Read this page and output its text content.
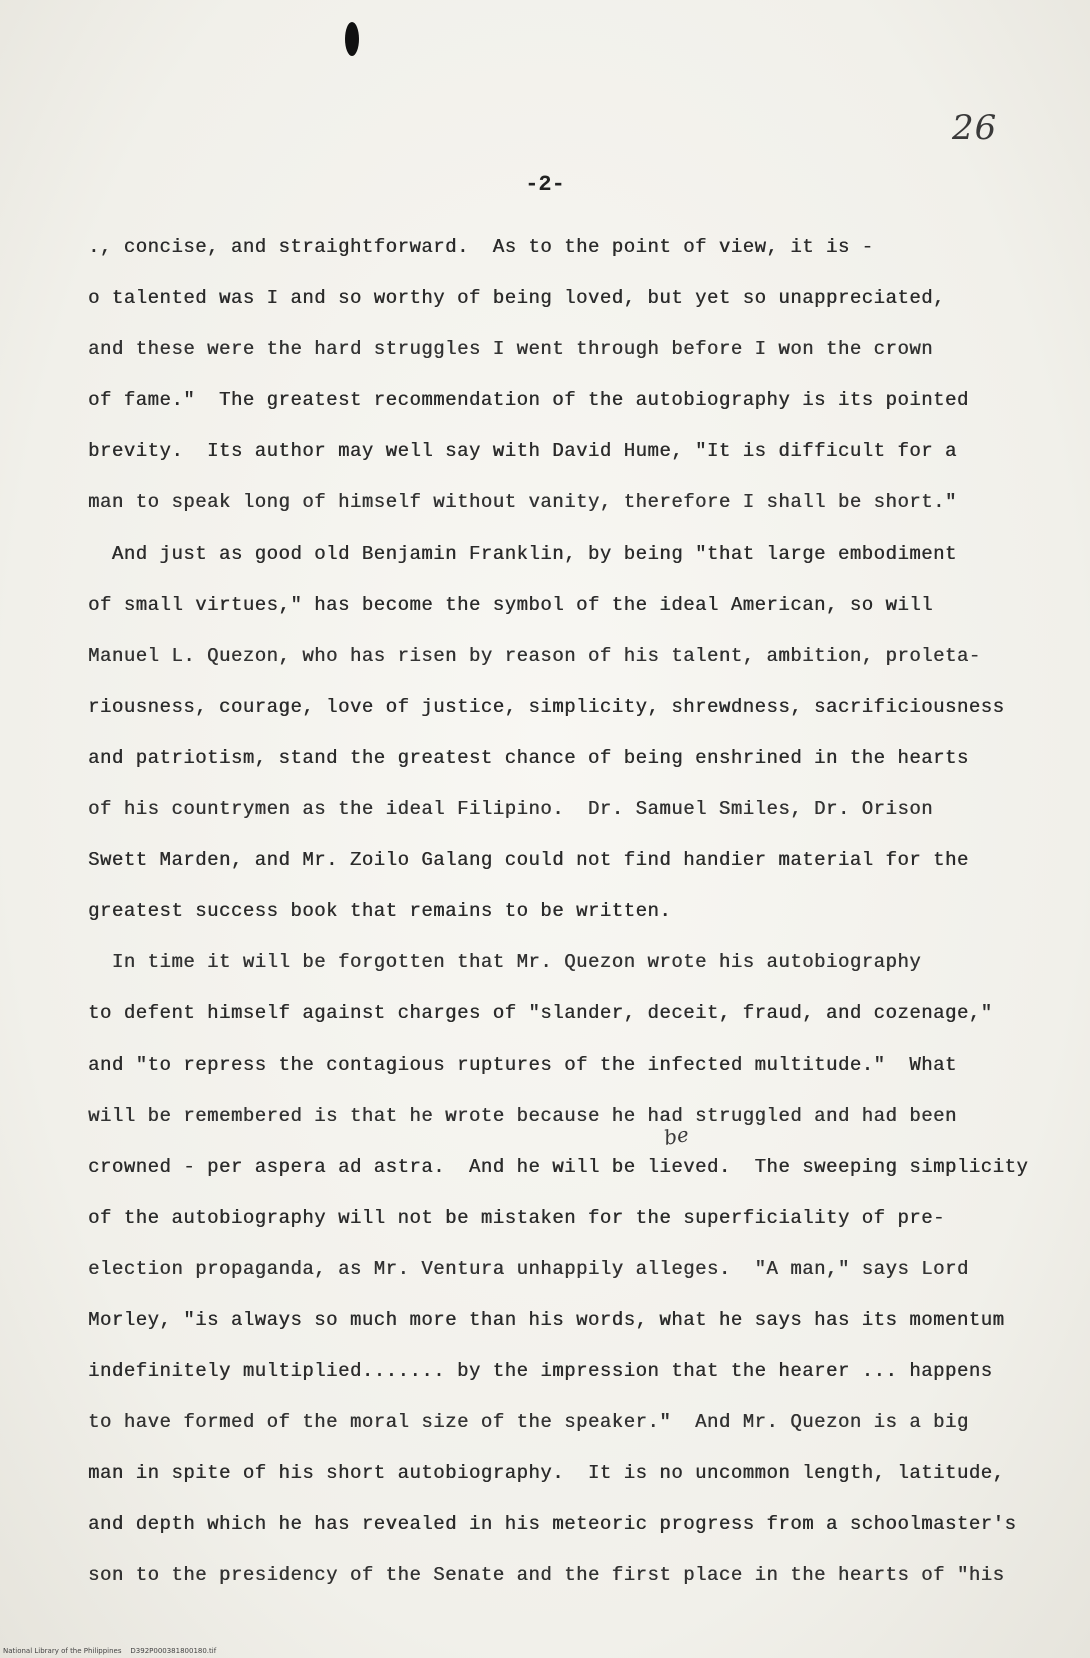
26
-2-
., concise, and straightforward.  As to the point of view, it is -
o talented was I and so worthy of being loved, but yet so unappreciated,
and these were the hard struggles I went through before I won the crown
of fame."  The greatest recommendation of the autobiography is its pointed
brevity.  Its author may well say with David Hume, "It is difficult for a
man to speak long of himself without vanity, therefore I shall be short."
And just as good old Benjamin Franklin, by being "that large embodiment
of small virtues," has become the symbol of the ideal American, so will
Manuel L. Quezon, who has risen by reason of his talent, ambition, proleta-
riousness, courage, love of justice, simplicity, shrewdness, sacrificiousness
and patriotism, stand the greatest chance of being enshrined in the hearts
of his countrymen as the ideal Filipino.  Dr. Samuel Smiles, Dr. Orison
Swett Marden, and Mr. Zoilo Galang could not find handier material for the
greatest success book that remains to be written.
In time it will be forgotten that Mr. Quezon wrote his autobiography
to defent himself against charges of "slander, deceit, fraud, and cozenage,"
and "to repress the contagious ruptures of the infected multitude."  What
will be remembered is that he wrote because he had struggled and had been
crowned - per aspera ad astra.  And he will be lieved.  The sweeping simplicity
of the autobiography will not be mistaken for the superficiality of pre-
election propaganda, as Mr. Ventura unhappily alleges.  "A man," says Lord
Morley, "is always so much more than his words, what he says has its momentum
indefinitely multiplied....... by the impression that the hearer ... happens
to have formed of the moral size of the speaker."  And Mr. Quezon is a big
man in spite of his short autobiography.  It is no uncommon length, latitude,
and depth which he has revealed in his meteoric progress from a schoolmaster's
son to the presidency of the Senate and the first place in the hearts of "his
be
National Library of the Philippines    D392P000381800180.tif
